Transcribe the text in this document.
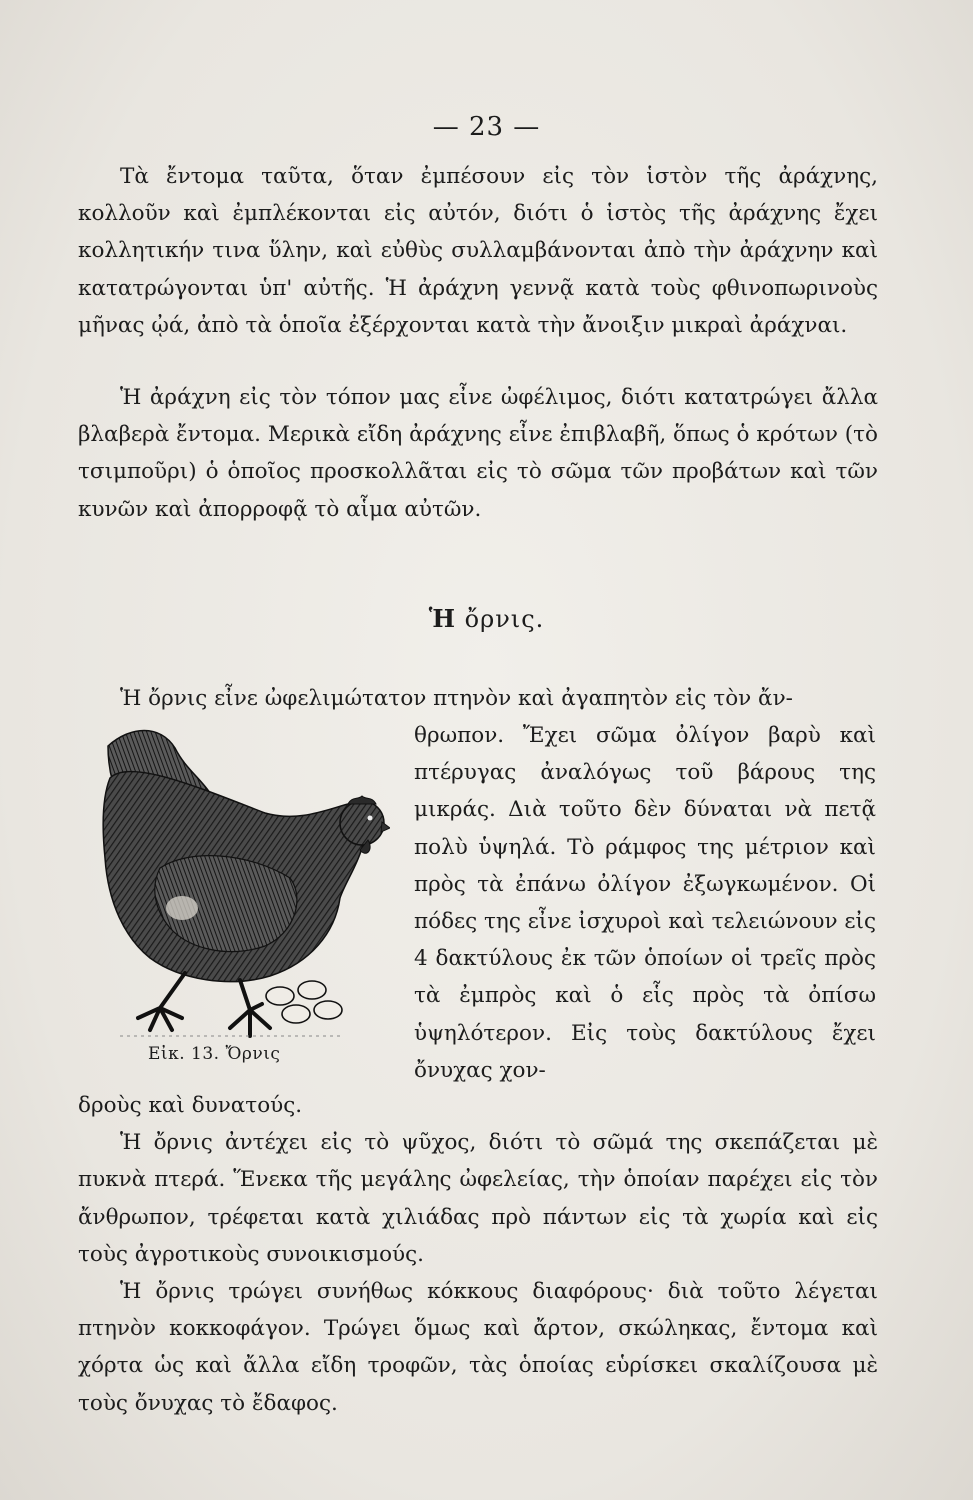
— 23 —

Τὰ ἔντομα ταῦτα, ὅταν ἐμπέσουν εἰς τὸν ἱστὸν τῆς ἀράχνης, κολλοῦν καὶ ἐμπλέκονται εἰς αὐτόν, διότι ὁ ἱστὸς τῆς ἀράχνης ἔχει κολλητικήν τινα ὕλην, καὶ εὐθὺς συλλαμβάνονται ἀπὸ τὴν ἀράχνην καὶ κατατρώγονται ὑπ' αὐτῆς. Ἡ ἀράχνη γεννᾷ κατὰ τοὺς φθινοπωρινοὺς μῆνας ᾠά, ἀπὸ τὰ ὁποῖα ἐξέρχονται κατὰ τὴν ἄνοιξιν μικραὶ ἀράχναι.

Ἡ ἀράχνη εἰς τὸν τόπον μας εἶνε ὠφέλιμος, διότι κατατρώγει ἄλλα βλαβερὰ ἔντομα. Μερικὰ εἴδη ἀράχνης εἶνε ἐπιβλαβῆ, ὅπως ὁ κρότων (τὸ τσιμποῦρι) ὁ ὁποῖος προσκολλᾶται εἰς τὸ σῶμα τῶν προβάτων καὶ τῶν κυνῶν καὶ ἀπορροφᾷ τὸ αἷμα αὐτῶν.

Ἡ ὄρνις.

Ἡ ὄρνις εἶνε ὠφελιμώτατον πτηνὸν καὶ ἀγαπητὸν εἰς τὸν ἄν-

θρωπον. Ἔχει σῶμα ὀλίγον βαρὺ καὶ πτέρυγας ἀναλόγως τοῦ βάρους της μικράς. Διὰ τοῦτο δὲν δύναται νὰ πετᾷ πολὺ ὑψηλά. Τὸ ράμφος της μέτριον καὶ πρὸς τὰ ἐπάνω ὀλίγον ἐξωγκωμένον. Οἱ πόδες της εἶνε ἰσχυροὶ καὶ τελειώνουν εἰς 4 δακτύλους ἐκ τῶν ὁποίων οἱ τρεῖς πρὸς τὰ ἐμπρὸς καὶ ὁ εἷς πρὸς τὰ ὀπίσω ὑψηλότερον. Εἰς τοὺς δακτύλους ἔχει ὄνυχας χον-

Εἰκ. 13. Ὄρνις

δροὺς καὶ δυνατούς.

Ἡ ὄρνις ἀντέχει εἰς τὸ ψῦχος, διότι τὸ σῶμά της σκεπάζεται μὲ πυκνὰ πτερά. Ἕνεκα τῆς μεγάλης ὠφελείας, τὴν ὁποίαν παρέχει εἰς τὸν ἄνθρωπον, τρέφεται κατὰ χιλιάδας πρὸ πάντων εἰς τὰ χωρία καὶ εἰς τοὺς ἀγροτικοὺς συνοικισμούς.

Ἡ ὄρνις τρώγει συνήθως κόκκους διαφόρους· διὰ τοῦτο λέγεται πτηνὸν κοκκοφάγον. Τρώγει ὅμως καὶ ἄρτον, σκώληκας, ἔντομα καὶ χόρτα ὡς καὶ ἄλλα εἴδη τροφῶν, τὰς ὁποίας εὑρίσκει σκαλίζουσα μὲ τοὺς ὄνυχας τὸ ἔδαφος.
